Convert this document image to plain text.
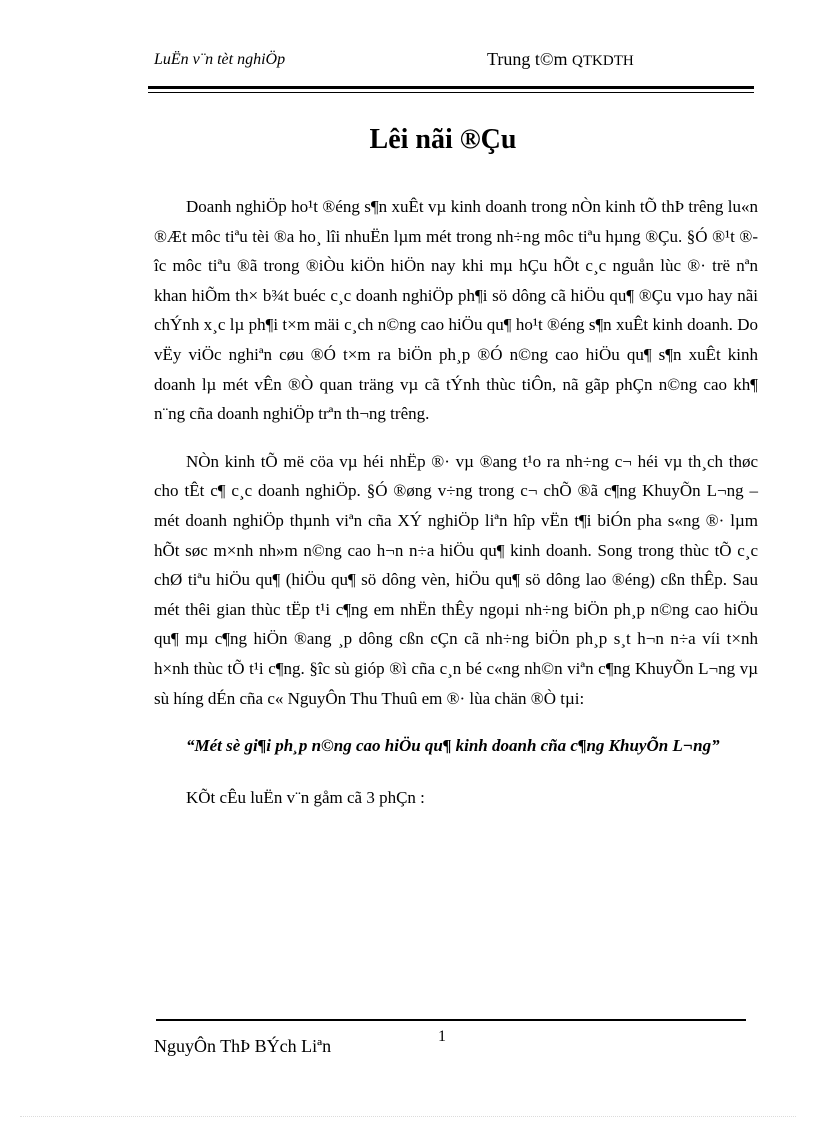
LuËn v¨n tèt nghiÖp	Trung t©m QTKDTH
Lêi nãi ®Çu

Doanh nghiÖp ho¹t ®éng s¶n xuÊt vµ kinh doanh trong nÒn kinh tÕ thÞ trêng lu«n ®Æt môc tiªu tèi ®a ho¸ lîi nhuËn lµm mét trong nh÷ng môc tiªu hµng ®Çu. §Ó ®¹t ®îc môc tiªu ®ã trong ®iÒu kiÖn hiÖn nay khi mµ hÇu hÕt c¸c nguån lùc ®· trë nªn khan hiÕm th× b¾t buéc c¸c doanh nghiÖp ph¶i sö dông cã hiÖu qu¶ ®Çu vµo hay nãi chÝnh x¸c lµ ph¶i t×m mäi c¸ch n©ng cao hiÖu qu¶ ho¹t ®éng s¶n xuÊt kinh doanh. Do vËy viÖc nghiªn cøu ®Ó t×m ra biÖn ph¸p ®Ó n©ng cao hiÖu qu¶ s¶n xuÊt kinh doanh lµ mét vÊn ®Ò quan träng vµ cã tÝnh thùc tiÔn, nã gãp phÇn n©ng cao kh¶ n¨ng cña doanh nghiÖp trªn th¬ng trêng.

NÒn kinh tÕ më cöa vµ héi nhËp ®· vµ ®ang t¹o ra nh÷ng c¬ héi vµ th¸ch thøc cho tÊt c¶ c¸c doanh nghiÖp. §Ó ®øng v÷ng trong c¬ chÕ ®ã c¶ng KhuyÕn L¬ng – mét doanh nghiÖp thµnh viªn cña XÝ nghiÖp liªn hîp vËn t¶i biÓn pha s«ng ®· lµm hÕt søc m×nh nh»m n©ng cao h¬n n÷a hiÖu qu¶ kinh doanh. Song trong thùc tÕ c¸c chØ tiªu hiÖu qu¶ (hiÖu qu¶ sö dông vèn, hiÖu qu¶ sö dông lao ®éng) cßn thÊp. Sau mét thêi gian thùc tËp t¹i c¶ng em nhËn thÊy ngoµi nh÷ng biÖn ph¸p n©ng cao hiÖu qu¶ mµ c¶ng hiÖn ®ang ¸p dông cßn cÇn cã nh÷ng biÖn ph¸p s¸t h¬n n÷a víi t×nh h×nh thùc tÕ t¹i c¶ng. §îc sù gióp ®ì cña c¸n bé c«ng nh©n viªn c¶ng KhuyÕn L¬ng vµ sù híng dÉn cña c« NguyÔn Thu Thuû em ®· lùa chän ®Ò tµi:

“Mét sè gi¶i ph¸p n©ng cao hiÖu qu¶ kinh doanh cña c¶ng KhuyÕn L¬ng”

KÕt cÊu luËn v¨n gåm cã 3 phÇn :

NguyÔn ThÞ BÝch Liªn	1
